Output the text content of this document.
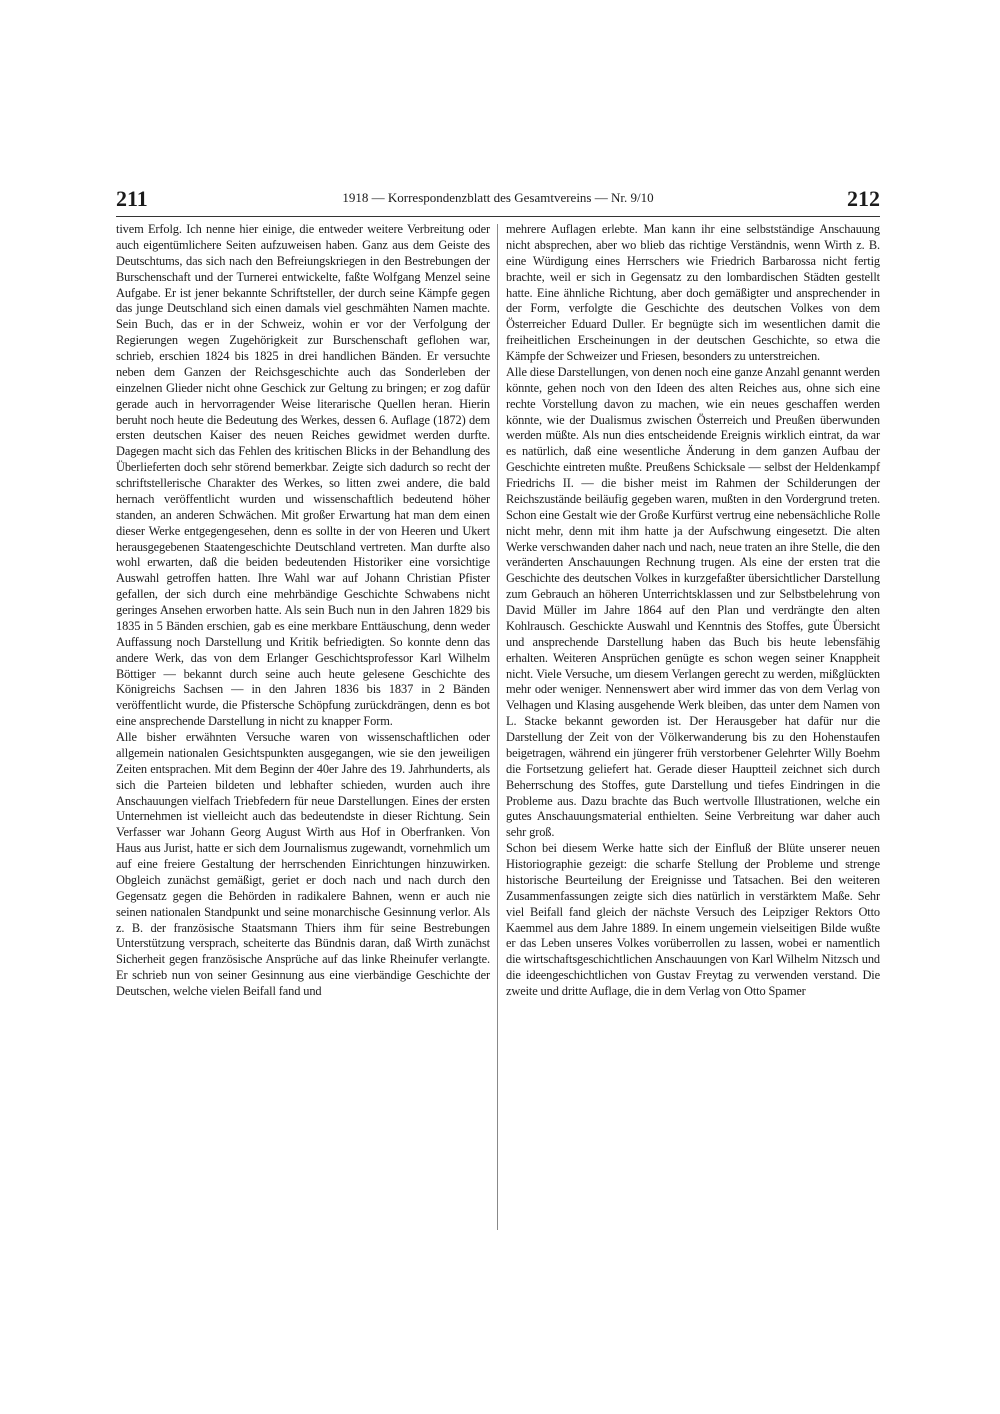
211	1918 — Korrespondenzblatt des Gesamtvereins — Nr. 9/10	212

tivem Erfolg. Ich nenne hier einige, die entweder weitere Verbreitung oder auch eigentümlichere Seiten aufzuweisen haben. Ganz aus dem Geiste des Deutschtums, das sich nach den Befreiungskriegen in den Bestrebungen der Burschenschaft und der Turnerei entwickelte, faßte Wolfgang Menzel seine Aufgabe. Er ist jener bekannte Schriftsteller, der durch seine Kämpfe gegen das junge Deutschland sich einen damals viel geschmähten Namen machte. Sein Buch, das er in der Schweiz, wohin er vor der Verfolgung der Regierungen wegen Zugehörigkeit zur Burschenschaft geflohen war, schrieb, erschien 1824 bis 1825 in drei handlichen Bänden. Er versuchte neben dem Ganzen der Reichsgeschichte auch das Sonderleben der einzelnen Glieder nicht ohne Geschick zur Geltung zu bringen; er zog dafür gerade auch in hervorragender Weise literarische Quellen heran. Hierin beruht noch heute die Bedeutung des Werkes, dessen 6. Auflage (1872) dem ersten deutschen Kaiser des neuen Reiches gewidmet werden durfte. Dagegen macht sich das Fehlen des kritischen Blicks in der Behandlung des Überlieferten doch sehr störend bemerkbar. Zeigte sich dadurch so recht der schriftstellerische Charakter des Werkes, so litten zwei andere, die bald hernach veröffentlicht wurden und wissenschaftlich bedeutend höher standen, an anderen Schwächen. Mit großer Erwartung hat man dem einen dieser Werke entgegengesehen, denn es sollte in der von Heeren und Ukert herausgegebenen Staatengeschichte Deutschland vertreten. Man durfte also wohl erwarten, daß die beiden bedeutenden Historiker eine vorsichtige Auswahl getroffen hatten. Ihre Wahl war auf Johann Christian Pfister gefallen, der sich durch eine mehrbändige Geschichte Schwabens nicht geringes Ansehen erworben hatte. Als sein Buch nun in den Jahren 1829 bis 1835 in 5 Bänden erschien, gab es eine merkbare Enttäuschung, denn weder Auffassung noch Darstellung und Kritik befriedigten. So konnte denn das andere Werk, das von dem Erlanger Geschichtsprofessor Karl Wilhelm Böttiger — bekannt durch seine auch heute gelesene Geschichte des Königreichs Sachsen — in den Jahren 1836 bis 1837 in 2 Bänden veröffentlicht wurde, die Pfistersche Schöpfung zurückdrängen, denn es bot eine ansprechende Darstellung in nicht zu knapper Form.

Alle bisher erwähnten Versuche waren von wissenschaftlichen oder allgemein nationalen Gesichtspunkten ausgegangen, wie sie den jeweiligen Zeiten entsprachen. Mit dem Beginn der 40er Jahre des 19. Jahrhunderts, als sich die Parteien bildeten und lebhafter schieden, wurden auch ihre Anschauungen vielfach Triebfedern für neue Darstellungen. Eines der ersten Unternehmen ist vielleicht auch das bedeutendste in dieser Richtung. Sein Verfasser war Johann Georg August Wirth aus Hof in Oberfranken. Von Haus aus Jurist, hatte er sich dem Journalismus zugewandt, vornehmlich um auf eine freiere Gestaltung der herrschenden Einrichtungen hinzuwirken. Obgleich zunächst gemäßigt, geriet er doch nach und nach durch den Gegensatz gegen die Behörden in radikalere Bahnen, wenn er auch nie seinen nationalen Standpunkt und seine monarchische Gesinnung verlor. Als z. B. der französische Staatsmann Thiers ihm für seine Bestrebungen Unterstützung versprach, scheiterte das Bündnis daran, daß Wirth zunächst Sicherheit gegen französische Ansprüche auf das linke Rheinufer verlangte. Er schrieb nun von seiner Gesinnung aus eine vierbändige Geschichte der Deutschen, welche vielen Beifall fand und

mehrere Auflagen erlebte. Man kann ihr eine selbstständige Anschauung nicht absprechen, aber wo blieb das richtige Verständnis, wenn Wirth z. B. eine Würdigung eines Herrschers wie Friedrich Barbarossa nicht fertig brachte, weil er sich in Gegensatz zu den lombardischen Städten gestellt hatte. Eine ähnliche Richtung, aber doch gemäßigter und ansprechender in der Form, verfolgte die Geschichte des deutschen Volkes von dem Österreicher Eduard Duller. Er begnügte sich im wesentlichen damit die freiheitlichen Erscheinungen in der deutschen Geschichte, so etwa die Kämpfe der Schweizer und Friesen, besonders zu unterstreichen.

Alle diese Darstellungen, von denen noch eine ganze Anzahl genannt werden könnte, gehen noch von den Ideen des alten Reiches aus, ohne sich eine rechte Vorstellung davon zu machen, wie ein neues geschaffen werden könnte, wie der Dualismus zwischen Österreich und Preußen überwunden werden müßte. Als nun dies entscheidende Ereignis wirklich eintrat, da war es natürlich, daß eine wesentliche Änderung in dem ganzen Aufbau der Geschichte eintreten mußte. Preußens Schicksale — selbst der Heldenkampf Friedrichs II. — die bisher meist im Rahmen der Schilderungen der Reichszustände beiläufig gegeben waren, mußten in den Vordergrund treten. Schon eine Gestalt wie der Große Kurfürst vertrug eine nebensächliche Rolle nicht mehr, denn mit ihm hatte ja der Aufschwung eingesetzt. Die alten Werke verschwanden daher nach und nach, neue traten an ihre Stelle, die den veränderten Anschauungen Rechnung trugen. Als eine der ersten trat die Geschichte des deutschen Volkes in kurzgefaßter übersichtlicher Darstellung zum Gebrauch an höheren Unterrichtsklassen und zur Selbstbelehrung von David Müller im Jahre 1864 auf den Plan und verdrängte den alten Kohlrausch. Geschickte Auswahl und Kenntnis des Stoffes, gute Übersicht und ansprechende Darstellung haben das Buch bis heute lebensfähig erhalten. Weiteren Ansprüchen genügte es schon wegen seiner Knappheit nicht. Viele Versuche, um diesem Verlangen gerecht zu werden, mißglückten mehr oder weniger. Nennenswert aber wird immer das von dem Verlag von Velhagen und Klasing ausgehende Werk bleiben, das unter dem Namen von L. Stacke bekannt geworden ist. Der Herausgeber hat dafür nur die Darstellung der Zeit von der Völkerwanderung bis zu den Hohenstaufen beigetragen, während ein jüngerer früh verstorbener Gelehrter Willy Boehm die Fortsetzung geliefert hat. Gerade dieser Hauptteil zeichnet sich durch Beherrschung des Stoffes, gute Darstellung und tiefes Eindringen in die Probleme aus. Dazu brachte das Buch wertvolle Illustrationen, welche ein gutes Anschauungsmaterial enthielten. Seine Verbreitung war daher auch sehr groß.

Schon bei diesem Werke hatte sich der Einfluß der Blüte unserer neuen Historiographie gezeigt: die scharfe Stellung der Probleme und strenge historische Beurteilung der Ereignisse und Tatsachen. Bei den weiteren Zusammenfassungen zeigte sich dies natürlich in verstärktem Maße. Sehr viel Beifall fand gleich der nächste Versuch des Leipziger Rektors Otto Kaemmel aus dem Jahre 1889. In einem ungemein vielseitigen Bilde wußte er das Leben unseres Volkes vorüberrollen zu lassen, wobei er namentlich die wirtschaftsgeschichtlichen Anschauungen von Karl Wilhelm Nitzsch und die ideengeschichtlichen von Gustav Freytag zu verwenden verstand. Die zweite und dritte Auflage, die in dem Verlag von Otto Spamer
